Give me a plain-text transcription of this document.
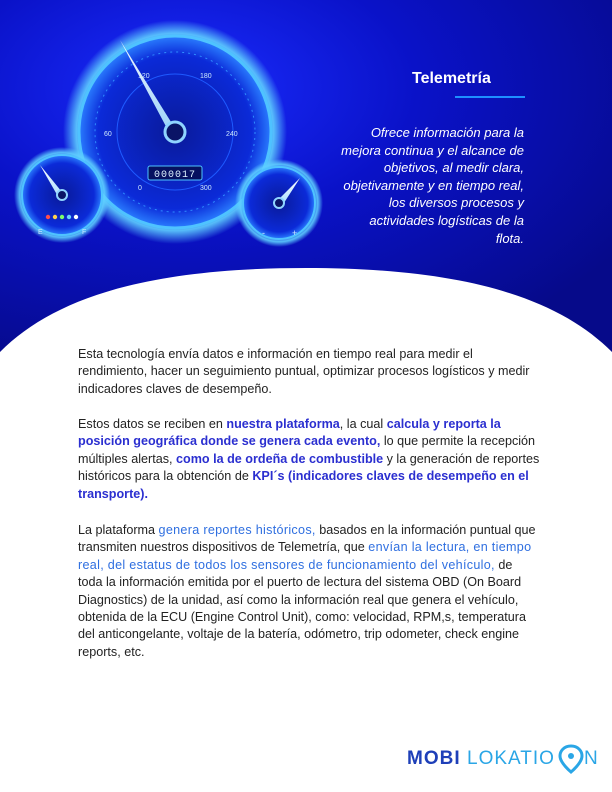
0
60
120	180
240
300
000017
E	F	-	+
Telemetría
Ofrece información para la mejora continua y el alcance de objetivos, al medir clara, objetivamente y en tiempo real, los diversos procesos y actividades logísticas de la flota.

Esta tecnología envía datos e información en tiempo real para medir el rendimiento, hacer un seguimiento puntual, optimizar procesos logísticos y medir indicadores claves de desempeño.

Estos datos se reciben en nuestra plataforma, la cual calcula y reporta la posición geográfica donde se genera cada evento, lo que permite la recepción múltiples alertas, como la de ordeña de combustible y la generación de reportes históricos para la obtención de KPI´s (indicadores claves de desempeño en el transporte).

La plataforma genera reportes históricos, basados en la información puntual que transmiten nuestros dispositivos de Telemetría, que envían la lectura, en tiempo real, del estatus de todos los sensores de funcionamiento del vehículo, de toda la información emitida por el puerto de lectura del sistema OBD (On Board Diagnostics) de la unidad, así como la información real que genera el vehículo, obtenida de la ECU (Engine Control Unit), como: velocidad, RPM,s, temperatura del anticongelante, voltaje de la batería, odómetro, trip odometer, check engine reports, etc.

MOBI LOKATIO N
